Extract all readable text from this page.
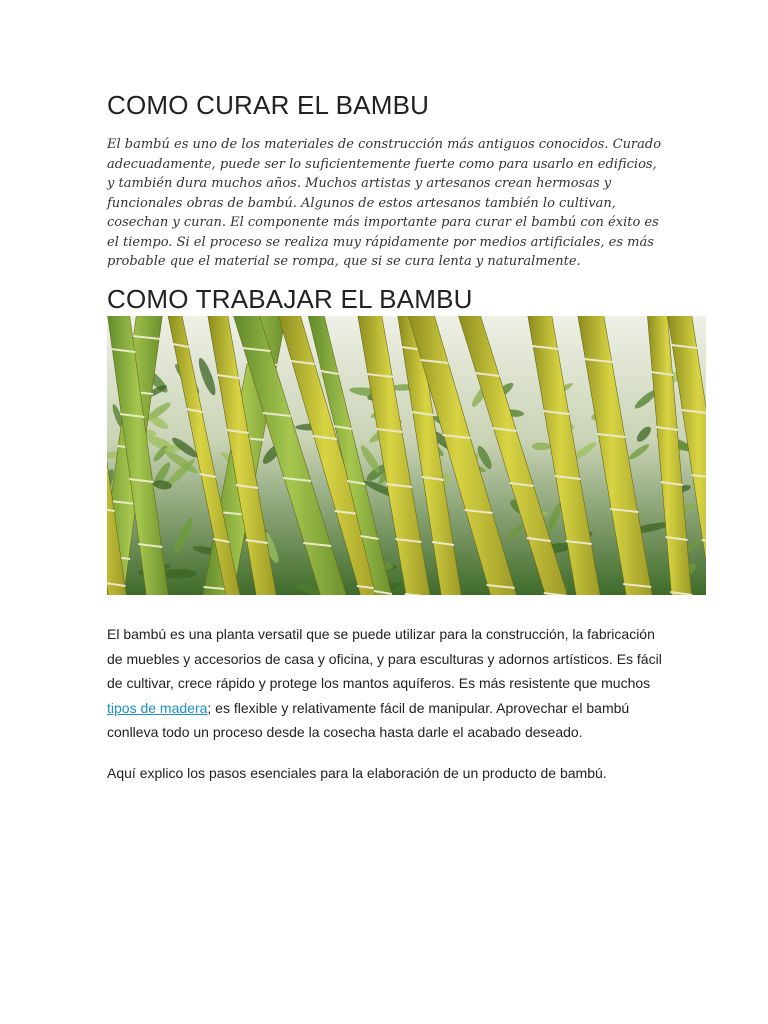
COMO CURAR EL BAMBU

El bambú es uno de los materiales de construcción más antiguos conocidos. Curado adecuadamente, puede ser lo suficientemente fuerte como para usarlo en edificios, y también dura muchos años. Muchos artistas y artesanos crean hermosas y funcionales obras de bambú. Algunos de estos artesanos también lo cultivan, cosechan y curan. El componente más importante para curar el bambú con éxito es el tiempo. Si el proceso se realiza muy rápidamente por medios artificiales, es más probable que el material se rompa, que si se cura lenta y naturalmente.

COMO TRABAJAR EL BAMBU

El bambú es una planta versatil que se puede utilizar para la construcción, la fabricación de muebles y accesorios de casa y oficina, y para esculturas y adornos artísticos. Es fácil de cultivar, crece rápido y protege los mantos aquíferos. Es más resistente que muchos tipos de madera; es flexible y relativamente fácil de manipular. Aprovechar el bambú conlleva todo un proceso desde la cosecha hasta darle el acabado deseado.

Aquí explico los pasos esenciales para la elaboración de un producto de bambú.
